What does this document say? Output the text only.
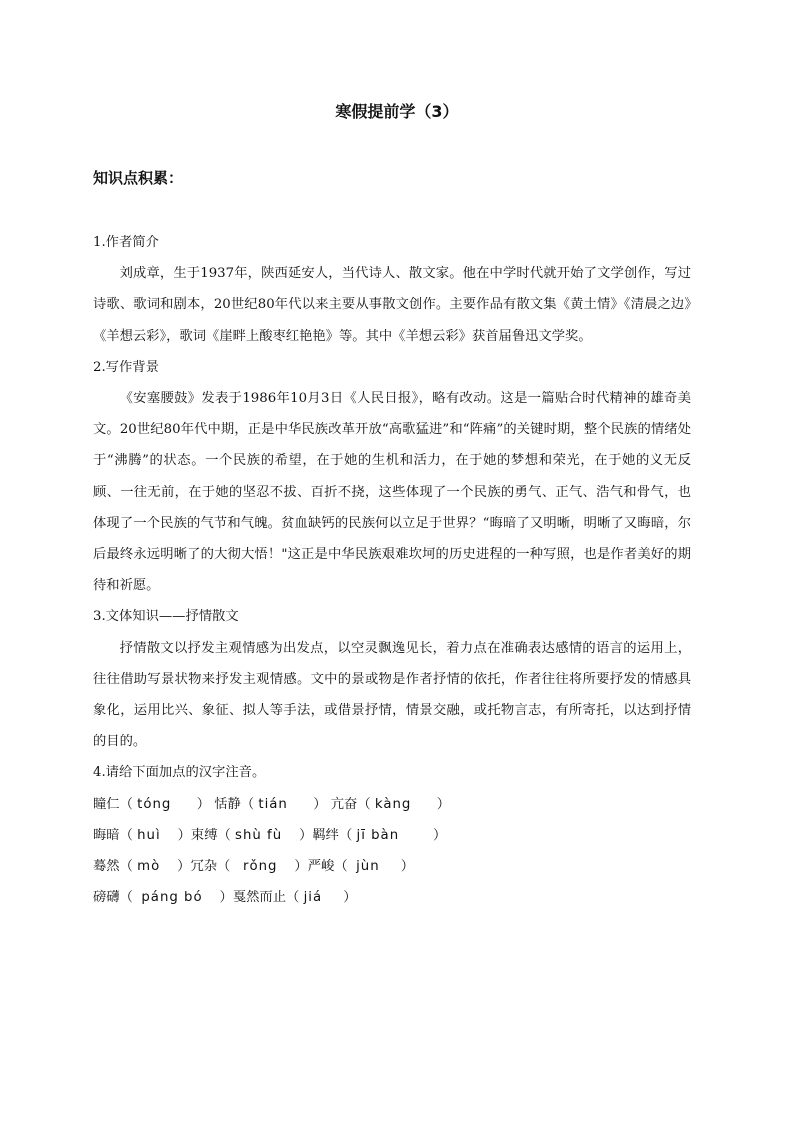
寒假提前学（3）
知识点积累：

1.作者简介

刘成章，生于1937年，陕西延安人，当代诗人、散文家。他在中学时代就开始了文学创作，写过诗歌、歌词和剧本，20世纪80年代以来主要从事散文创作。主要作品有散文集《黄土情》《清晨之边》《羊想云彩》，歌词《崖畔上酸枣红艳艳》等。其中《羊想云彩》获首届鲁迅文学奖。

2.写作背景

《安塞腰鼓》发表于1986年10月3日《人民日报》，略有改动。这是一篇贴合时代精神的雄奇美文。20世纪80年代中期，正是中华民族改革开放“高歌猛进”和“阵痛”的关键时期，整个民族的情绪处于“沸腾”的状态。一个民族的希望，在于她的生机和活力，在于她的梦想和荣光，在于她的义无反顾、一往无前，在于她的坚忍不拔、百折不挠，这些体现了一个民族的勇气、正气、浩气和骨气，也体现了一个民族的气节和气魄。贫血缺钙的民族何以立足于世界？“晦暗了又明晰，明晰了又晦暗，尔后最终永远明晰了的大彻大悟！"这正是中华民族艰难坎坷的历史进程的一种写照，也是作者美好的期待和祈愿。

3.文体知识——抒情散文

抒情散文以抒发主观情感为出发点，以空灵飘逸见长，着力点在准确表达感情的语言的运用上，往往借助写景状物来抒发主观情感。文中的景或物是作者抒情的依托，作者往往将所要抒发的情感具象化，运用比兴、象征、拟人等手法，或借景抒情，情景交融，或托物言志，有所寄托，以达到抒情的目的。

4.请给下面加点的汉字注音。

瞳仁（ tóng      ） 恬静（ tián      ） 亢奋（ kàng      ）
晦暗（ huì    ）束缚（ shù fù    ）羁绊（ jī bàn        ）
蓦然（ mò    ）冗杂（   rǒng    ）严峻（  jùn     ）
磅礴（  páng bó    ）戛然而止（ jiá     ）
